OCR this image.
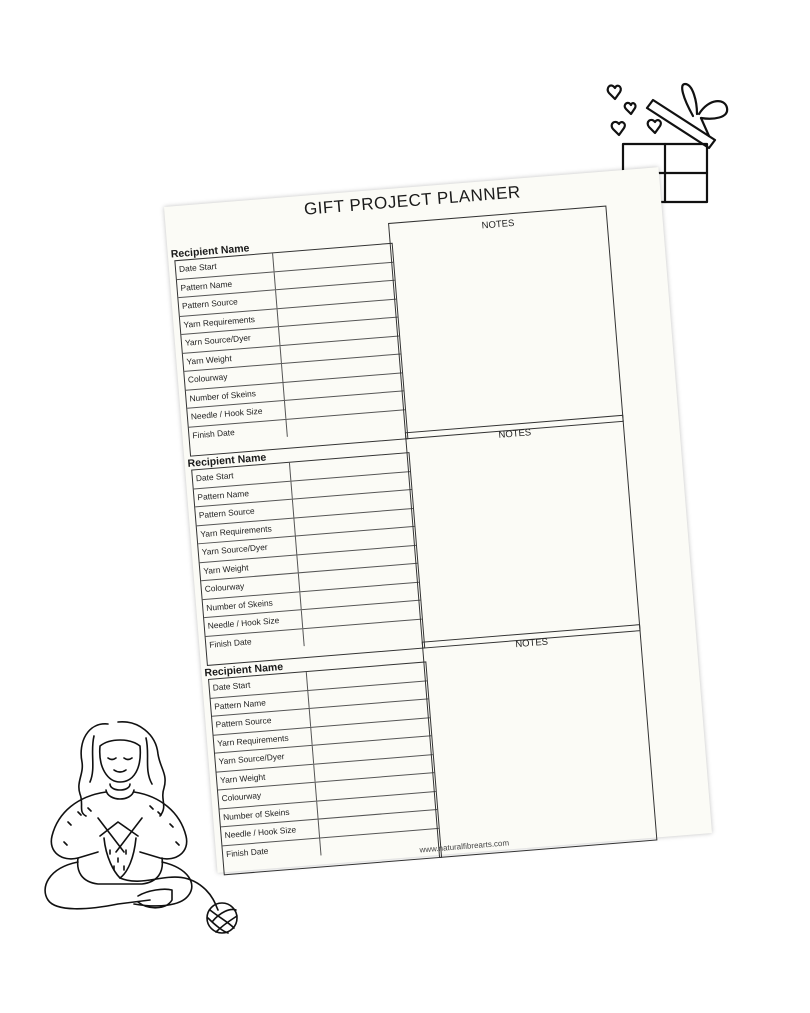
GIFT PROJECT PLANNER
Recipient Name
Date Start
Pattern Name
Pattern Source
Yarn Requirements
Yarn Source/Dyer
Yarn Weight
Colourway
Number of Skeins
Needle / Hook Size
Finish Date
NOTES
Recipient Name
Date Start
Pattern Name
Pattern Source
Yarn Requirements
Yarn Source/Dyer
Yarn Weight
Colourway
Number of Skeins
Needle / Hook Size
Finish Date
NOTES
Recipient Name
Date Start
Pattern Name
Pattern Source
Yarn Requirements
Yarn Source/Dyer
Yarn Weight
Colourway
Number of Skeins
Needle / Hook Size
Finish Date
NOTES
www.naturalfibrearts.com
